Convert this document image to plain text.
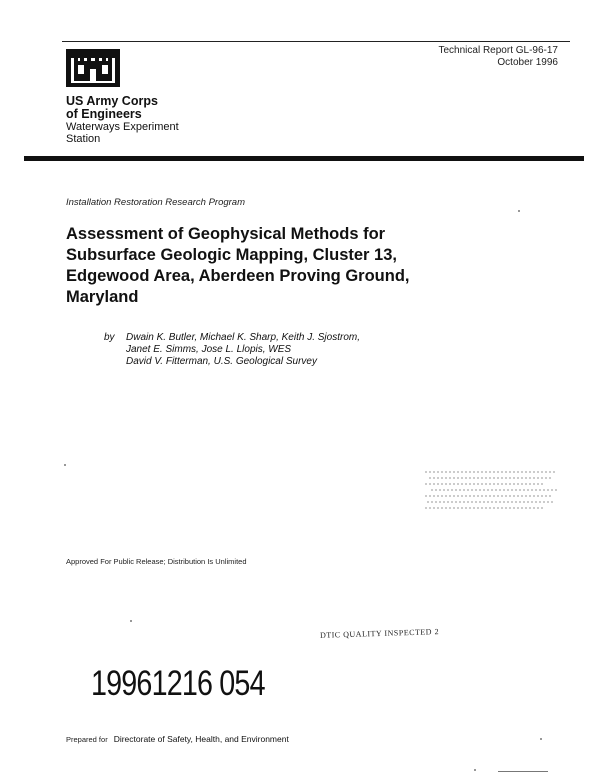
Technical Report GL-96-17
October 1996
US Army Corps
of Engineers
Waterways Experiment
Station
Installation Restoration Research Program
Assessment of Geophysical Methods for
Subsurface Geologic Mapping, Cluster 13,
Edgewood Area, Aberdeen Proving Ground,
Maryland
by Dwain K. Butler, Michael K. Sharp, Keith J. Sjostrom,
Janet E. Simms, Jose L. Llopis, WES
David V. Fitterman, U.S. Geological Survey
Approved For Public Release; Distribution Is Unlimited
DTIC QUALITY INSPECTED 2
19961216 054
Prepared for Directorate of Safety, Health, and Environment
